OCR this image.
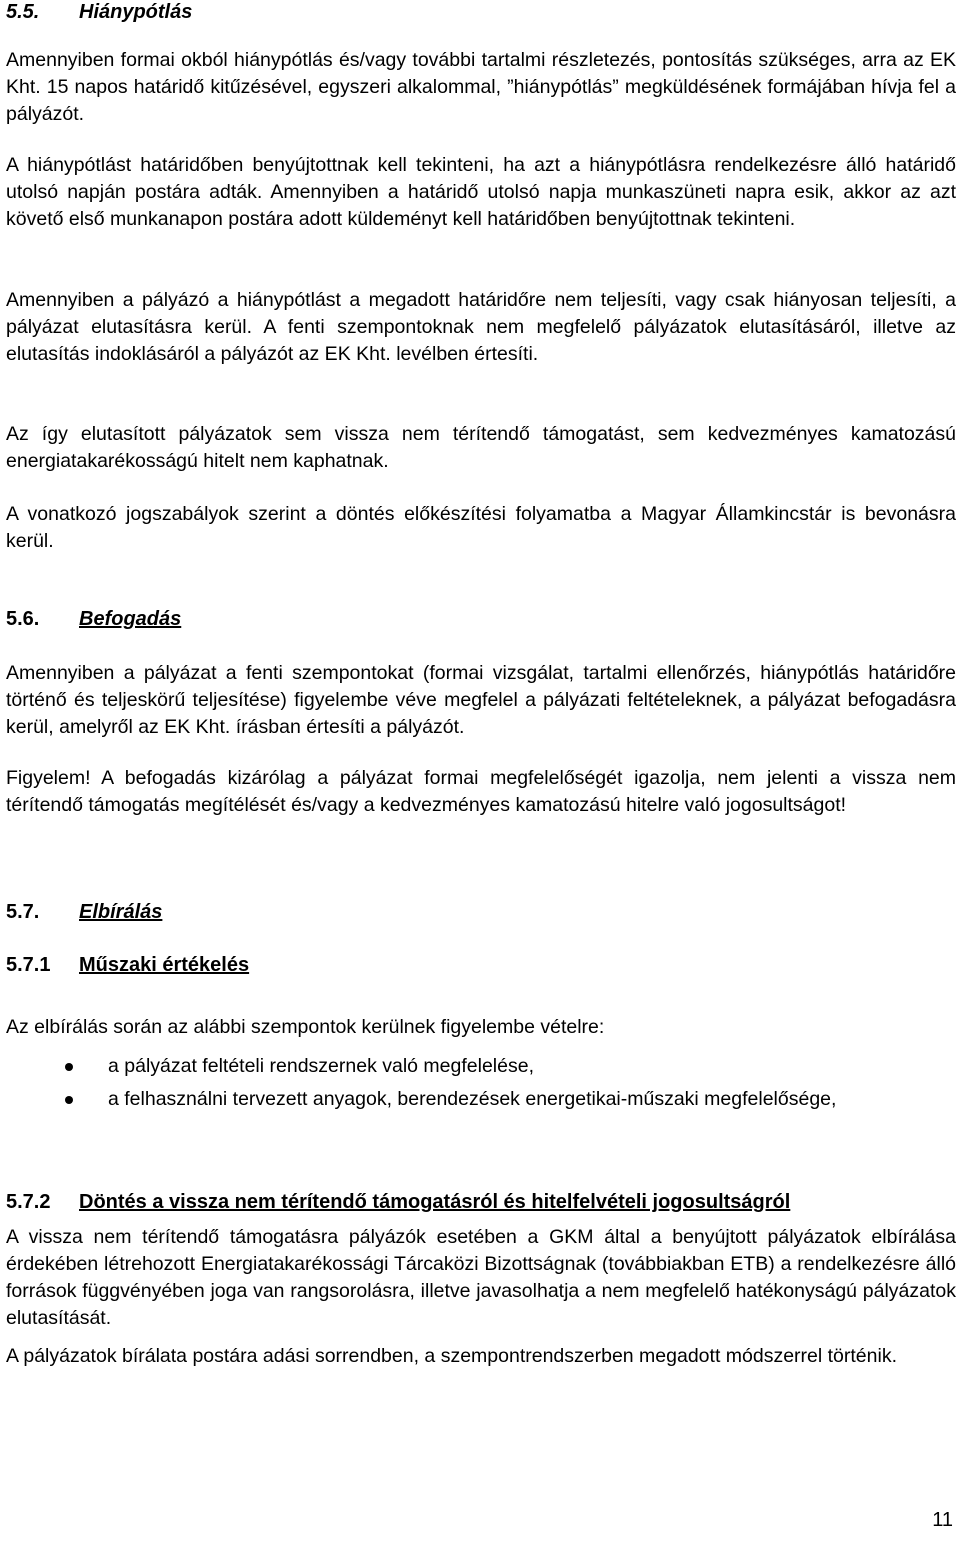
5.5. Hiánypótlás

Amennyiben formai okból hiánypótlás és/vagy további tartalmi részletezés, pontosítás szükséges, arra az EK Kht. 15 napos határidő kitűzésével, egyszeri alkalommal, ”hiánypótlás” megküldésének formájában hívja fel a pályázót.

A hiánypótlást határidőben benyújtottnak kell tekinteni, ha azt a hiánypótlásra rendelkezésre álló határidő utolsó napján postára adták. Amennyiben a határidő utolsó napja munkaszüneti napra esik, akkor az azt követő első munkanapon postára adott küldeményt kell határidőben benyújtottnak tekinteni.

Amennyiben a pályázó a hiánypótlást a megadott határidőre nem teljesíti, vagy csak hiányosan teljesíti, a pályázat elutasításra kerül. A fenti szempontoknak nem megfelelő pályázatok elutasításáról, illetve az elutasítás indoklásáról a pályázót az EK Kht. levélben értesíti.

Az így elutasított pályázatok sem vissza nem térítendő támogatást, sem kedvezményes kamatozású energiatakarékosságú hitelt nem kaphatnak.

A vonatkozó jogszabályok szerint a döntés előkészítési folyamatba a Magyar Államkincstár is bevonásra kerül.

5.6. Befogadás

Amennyiben a pályázat a fenti szempontokat (formai vizsgálat, tartalmi ellenőrzés, hiánypótlás határidőre történő és teljeskörű teljesítése) figyelembe véve megfelel a pályázati feltételeknek, a pályázat befogadásra kerül, amelyről az EK Kht. írásban értesíti a pályázót.

Figyelem! A befogadás kizárólag a pályázat formai megfelelőségét igazolja, nem jelenti a vissza nem térítendő támogatás megítélését és/vagy a kedvezményes kamatozású hitelre való jogosultságot!

5.7. Elbírálás
5.7.1 Műszaki értékelés

Az elbírálás során az alábbi szempontok kerülnek figyelembe vételre:

a pályázat feltételi rendszernek való megfelelése,
a felhasználni tervezett anyagok, berendezések energetikai-műszaki megfelelősége,
5.7.2 Döntés a vissza nem térítendő támogatásról és hitelfelvételi jogosultságról

A vissza nem térítendő támogatásra pályázók esetében a GKM által a benyújtott pályázatok elbírálása érdekében létrehozott Energiatakarékossági Tárcaközi Bizottságnak (továbbiakban ETB) a rendelkezésre álló források függvényében joga van rangsorolásra, illetve javasolhatja a nem megfelelő hatékonyságú pályázatok elutasítását.

A pályázatok bírálata postára adási sorrendben, a szempontrendszerben megadott módszerrel történik.

11
